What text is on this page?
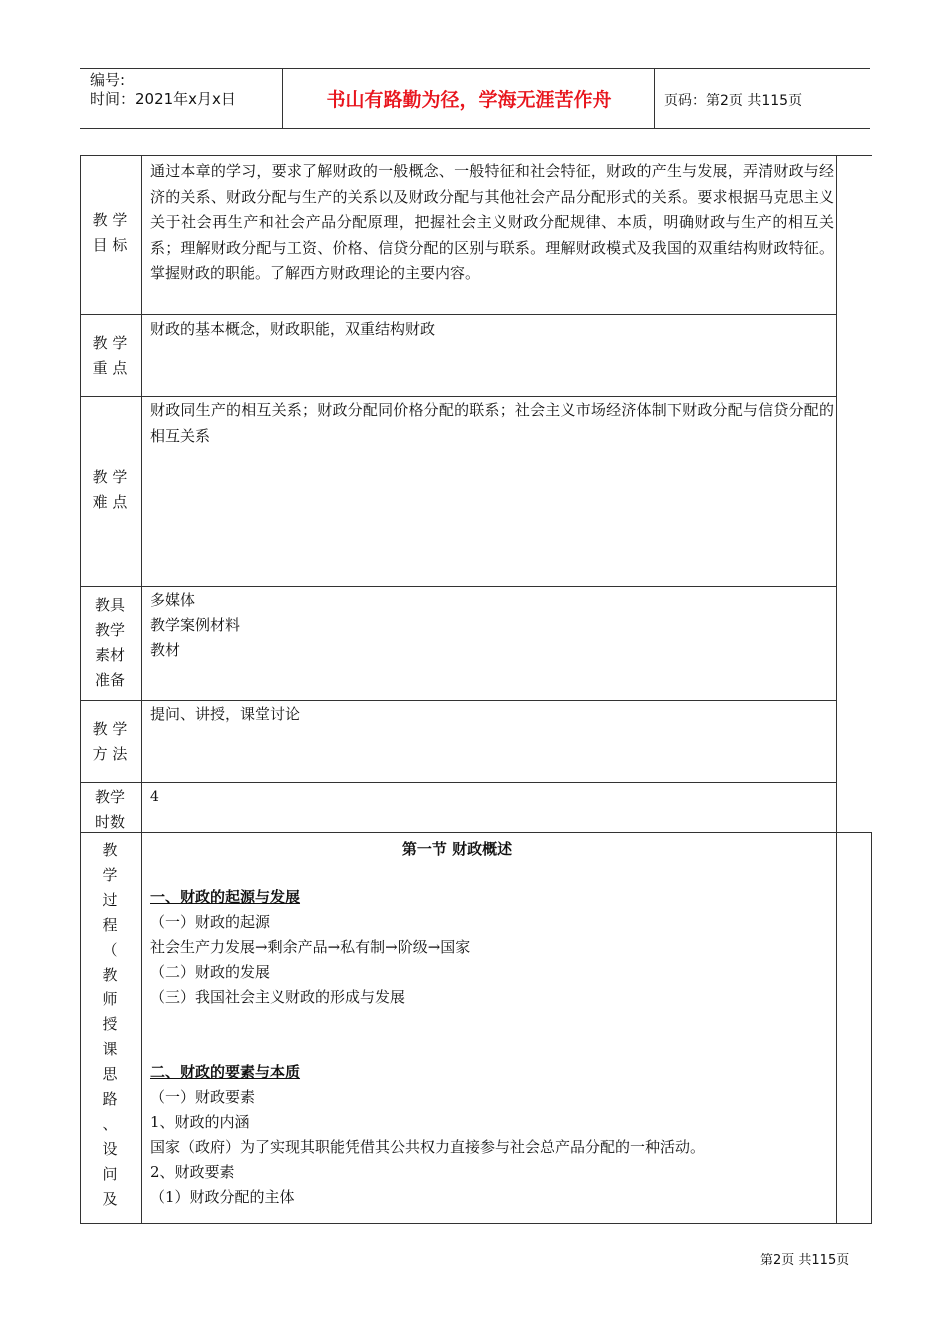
编号:
时间：2021年x月x日	书山有路勤为径，学海无涯苦作舟	页码：第2页 共115页
教 学
目 标

通过本章的学习，要求了解财政的一般概念、一般特征和社会特征，财政的产生与发展，弄清财政与经济的关系、财政分配与生产的关系以及财政分配与其他社会产品分配形式的关系。要求根据马克思主义关于社会再生产和社会产品分配原理，把握社会主义财政分配规律、本质，明确财政与生产的相互关系；理解财政分配与工资、价格、信贷分配的区别与联系。理解财政模式及我国的双重结构财政特征。掌握财政的职能。了解西方财政理论的主要内容。

教 学
重 点

财政的基本概念，财政职能，双重结构财政

教 学
难 点

财政同生产的相互关系；财政分配同价格分配的联系；社会主义市场经济体制下财政分配与信贷分配的相互关系

教具
教学
素材
准备

多媒体

教学案例材料

教材

教 学
方 法

提问、讲授，课堂讨论

教学
时数

4

教
学
过
程
（
教
师
授
课
思
路
、
设
问
及
第一节 财政概述
一、财政的起源与发展
（一）财政的起源
社会生产力发展→剩余产品→私有制→阶级→国家
（二）财政的发展
（三）我国社会主义财政的形成与发展
二、财政的要素与本质
（一）财政要素
1、财政的内涵
国家（政府）为了实现其职能凭借其公共权力直接参与社会总产品分配的一种活动。
2、财政要素
（1）财政分配的主体
第2页 共115页
